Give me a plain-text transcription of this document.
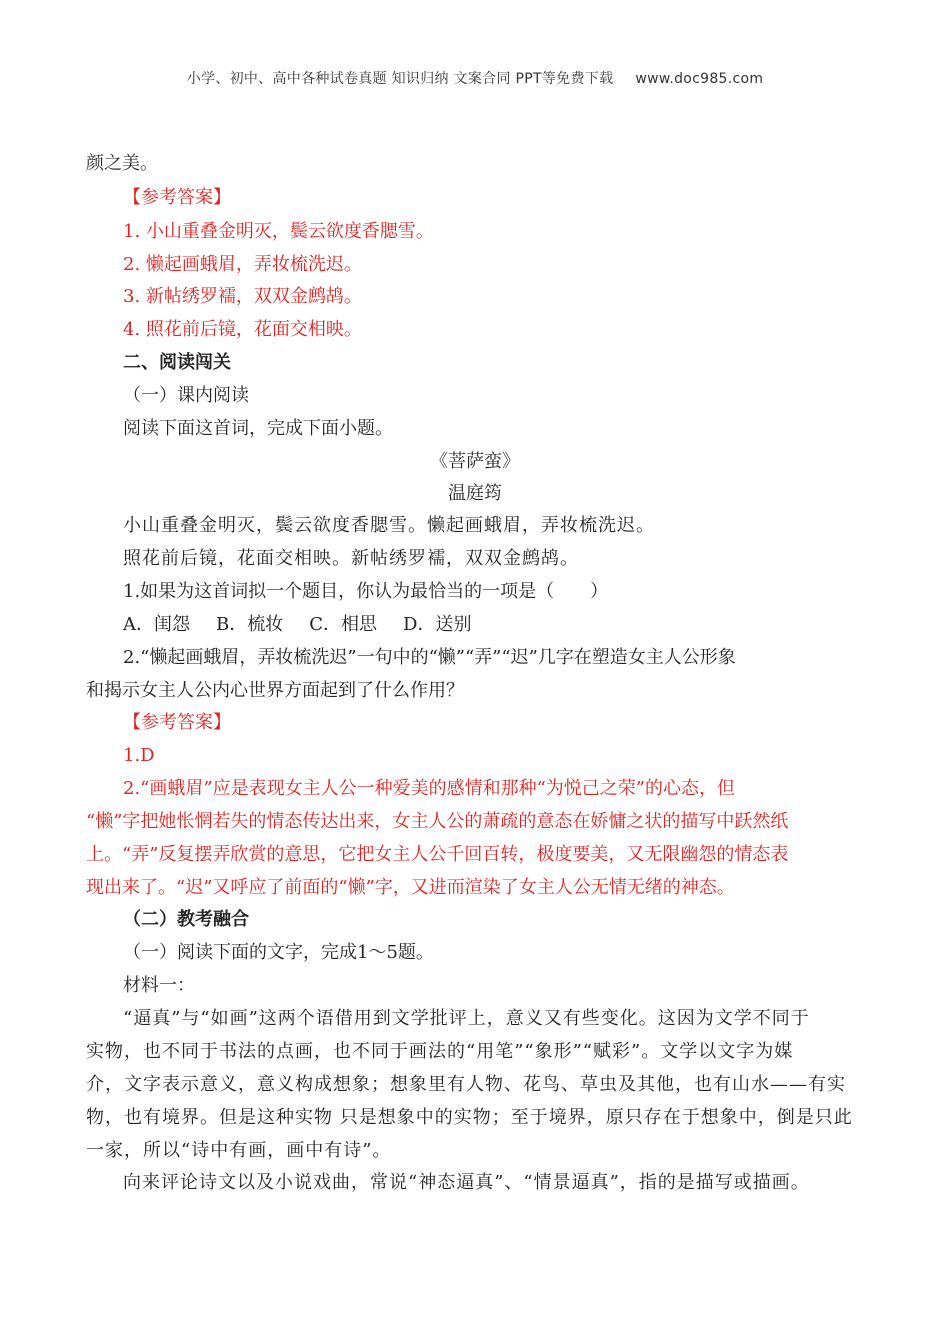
小学、初中、高中各种试卷真题 知识归纳 文案合同 PPT等免费下载 www.doc985.com
颜之美。
【参考答案】
1. 小山重叠金明灭，鬓云欲度香腮雪。
2. 懒起画蛾眉，弄妆梳洗迟。
3. 新帖绣罗襦，双双金鹧鸪。
4. 照花前后镜，花面交相映。
二、阅读闯关
（一）课内阅读
阅读下面这首词，完成下面小题。
《菩萨蛮》
温庭筠
小山重叠金明灭，鬓云欲度香腮雪。懒起画蛾眉，弄妆梳洗迟。
照花前后镜，花面交相映。新帖绣罗襦，双双金鹧鸪。
1.如果为这首词拟一个题目，你认为最恰当的一项是（　　）
A．闺怨 B．梳妆 C．相思 D．送别
2.“懒起画蛾眉，弄妆梳洗迟”一句中的“懒”“弄”“迟”几字在塑造女主人公形象
和揭示女主人公内心世界方面起到了什么作用？
【参考答案】
1.D
2.“画蛾眉”应是表现女主人公一种爱美的感情和那种“为悦己之荣”的心态，但
“懒”字把她怅惘若失的情态传达出来，女主人公的萧疏的意态在娇慵之状的描写中跃然纸
上。“弄”反复摆弄欣赏的意思，它把女主人公千回百转，极度要美，又无限幽怨的情态表
现出来了。“迟”又呼应了前面的“懒”字，又进而渲染了女主人公无情无绪的神态。
（二）教考融合
（一）阅读下面的文字，完成1～5题。
材料一：
“逼真”与“如画”这两个语借用到文学批评上，意义又有些变化。这因为文学不同于
实物，也不同于书法的点画，也不同于画法的“用笔”“象形”“赋彩”。文学以文字为媒
介，文字表示意义，意义构成想象；想象里有人物、花鸟、草虫及其他，也有山水——有实
物，也有境界。但是这种实物 只是想象中的实物；至于境界，原只存在于想象中，倒是只此
一家，所以“诗中有画，画中有诗”。
向来评论诗文以及小说戏曲，常说“神态逼真”、“情景逼真”，指的是描写或描画。
